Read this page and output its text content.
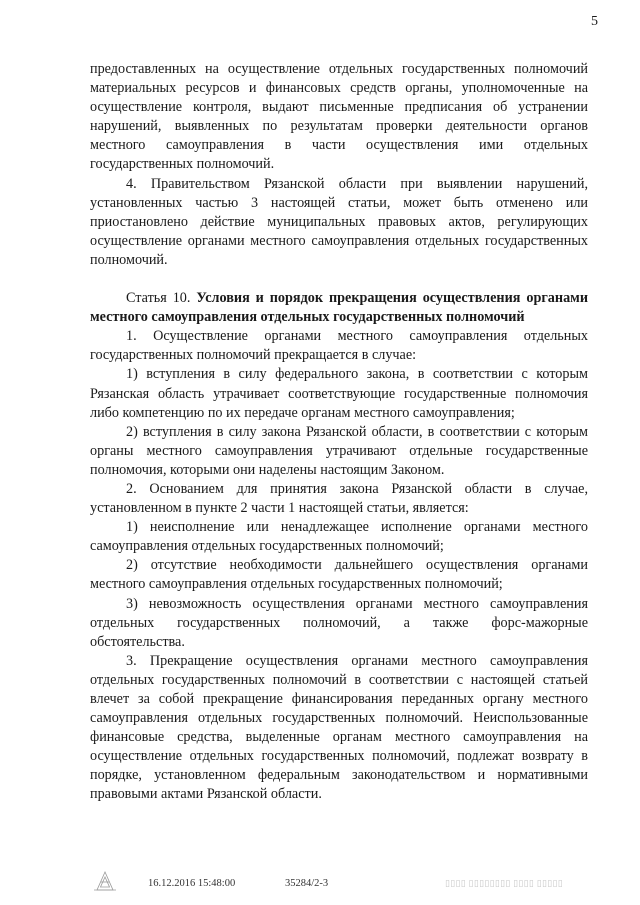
5

предоставленных на осуществление отдельных государственных полномочий материальных ресурсов и финансовых средств органы, уполномоченные на осуществление контроля, выдают письменные предписания об устранении нарушений, выявленных по результатам проверки деятельности органов местного самоуправления в части осуществления ими отдельных государственных полномочий.

4. Правительством Рязанской области при выявлении нарушений, установленных частью 3 настоящей статьи, может быть отменено или приостановлено действие муниципальных правовых актов, регулирующих осуществление органами местного самоуправления отдельных государственных полномочий.

Статья 10. Условия и порядок прекращения осуществления органами местного самоуправления отдельных государственных полномочий

1. Осуществление органами местного самоуправления отдельных государственных полномочий прекращается в случае:

1) вступления в силу федерального закона, в соответствии с которым Рязанская область утрачивает соответствующие государственные полномочия либо компетенцию по их передаче органам местного самоуправления;

2) вступления в силу закона Рязанской области, в соответствии с которым органы местного самоуправления утрачивают отдельные государственные полномочия, которыми они наделены настоящим Законом.

2. Основанием для принятия закона Рязанской области в случае, установленном в пункте 2 части 1 настоящей статьи, является:

1) неисполнение или ненадлежащее исполнение органами местного самоуправления отдельных государственных полномочий;

2) отсутствие необходимости дальнейшего осуществления органами местного самоуправления отдельных государственных полномочий;

3) невозможность осуществления органами местного самоуправления отдельных государственных полномочий, а также форс-мажорные обстоятельства.

3. Прекращение осуществления органами местного самоуправления отдельных государственных полномочий в соответствии с настоящей статьей влечет за собой прекращение финансирования переданных органу местного самоуправления отдельных государственных полномочий. Неиспользованные финансовые средства, выделенные органам местного самоуправления на осуществление отдельных государственных полномочий, подлежат возврату в порядке, установленном федеральным законодательством и нормативными правовыми актами Рязанской области.

16.12.2016 15:48:00	35284/2-3	▯▯▯▯ ▯▯▯▯▯▯▯▯ ▯▯▯▯ ▯▯▯▯▯
